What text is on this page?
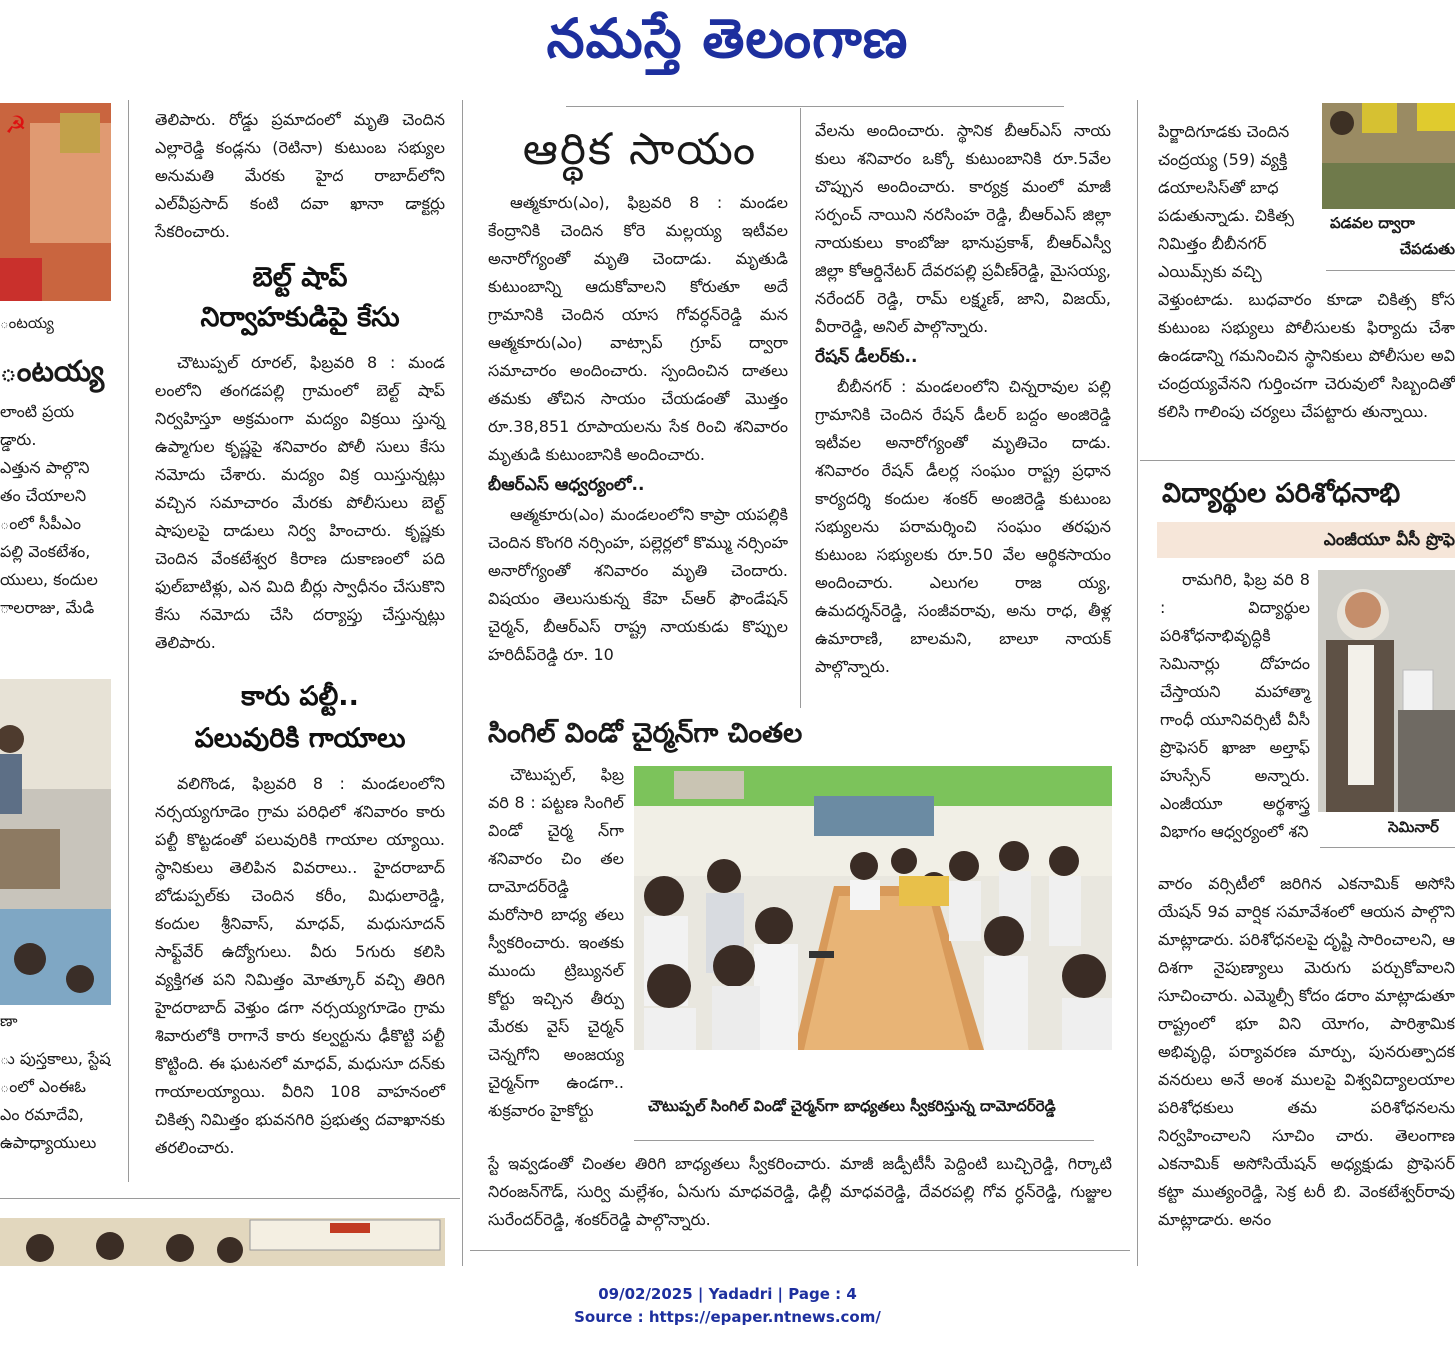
నమస్తే తెలంగాణ
☭
ంటయ్య
ంటయ్య
లాంటి ప్రయ
డ్డారు.
ఎత్తున పాల్గొని
తం చేయాలని
ంలో సీపీఎం
పల్లి వెంకటేశం,
యులు, కందుల
ాలరాజు, మేడి
ణా
ు పుస్తకాలు, స్టేష
ంలో ఎంఈఓ
ఎం రమాదేవి,
ఉపాధ్యాయులు

తెలిపారు. రోడ్డు ప్రమాదంలో మృతి చెందిన ఎల్లారెడ్డి కండ్లను (రెటినా) కుటుంబ సభ్యుల అనుమతి మేరకు హైద రాబాద్‌లోని ఎల్‌వీప్రసాద్ కంటి దవా ఖానా డాక్టర్లు సేకరించారు.

బెల్ట్ షాప్
నిర్వాహకుడిపై కేసు

చౌటుప్పల్ రూరల్, ఫిబ్రవరి 8 : మండ లంలోని తంగడపల్లి గ్రామంలో బెల్ట్ షాప్ నిర్వహిస్తూ అక్రమంగా మద్యం విక్రయి స్తున్న ఉప్మాగుల కృష్ణపై శనివారం పోలీ సులు కేసు నమోదు చేశారు. మద్యం విక్ర యిస్తున్నట్లు వచ్చిన సమాచారం మేరకు పోలీసులు బెల్ట్ షాపులపై దాడులు నిర్వ హించారు. కృష్ణకు చెందిన వేంకటేశ్వర కిరాణ దుకాణంలో పది ఫుల్‌బాటిళ్లు, ఎన మిది బీర్లు స్వాధీనం చేసుకొని కేసు నమోదు చేసి దర్యాప్తు చేస్తున్నట్లు తెలిపారు.

కారు పల్టీ..
పలువురికి గాయాలు

వలిగొండ, ఫిబ్రవరి 8 : మండలంలోని నర్సయ్యగూడెం గ్రామ పరిధిలో శనివారం కారు పల్టీ కొట్టడంతో పలువురికి గాయాల య్యాయి. స్థానికులు తెలిపిన వివరాలు.. హైదరాబాద్ బోడుప్పల్‌కు చెందిన కరీం, మిధులారెడ్డి, కందుల శ్రీనివాస్, మాధవ్, మధుసూదన్ సాఫ్ట్‌వేర్ ఉద్యోగులు. వీరు 5గురు కలిసి వ్యక్తిగత పని నిమిత్తం మోత్కూర్ వచ్చి తిరిగి హైదరాబాద్ వెళ్తుం డగా నర్సయ్యగూడెం గ్రామ శివారులోకి రాగానే కారు కల్వర్టును ఢీకొట్టి పల్టీ కొట్టింది. ఈ ఘటనలో మాధవ్, మధుసూ దన్‌కు గాయాలయ్యాయి. వీరిని 108 వాహనంలో చికిత్స నిమిత్తం భువనగిరి ప్రభుత్వ దవాఖానకు తరలించారు.

ఆర్థిక సాయం

ఆత్మకూరు(ఎం), ఫిబ్రవరి 8 : మండల కేంద్రానికి చెందిన కోరె మల్లయ్య ఇటీవల అనారోగ్యంతో మృతి చెందాడు. మృతుడి కుటుంబాన్ని ఆదుకోవాలని కోరుతూ అదే గ్రామానికి చెందిన యాస గోవర్ధన్‌రెడ్డి మన ఆత్మకూరు(ఎం) వాట్సాప్ గ్రూప్ ద్వారా సమాచారం అందించారు. స్పందించిన దాతలు తమకు తోచిన సాయం చేయడంతో మొత్తం రూ.38,851 రూపాయలను సేక రించి శనివారం మృతుడి కుటుంబానికి అందించారు.

బీఆర్‌ఎస్ ఆధ్వర్యంలో..

ఆత్మకూరు(ఎం) మండలంలోని కాప్రా యపల్లికి చెందిన కొంగరి నర్సింహ, పల్లెర్లలో కొమ్ము నర్సింహ అనారోగ్యంతో శనివారం మృతి చెందారు. విషయం తెలుసుకున్న కేహె చ్‌ఆర్ ఫౌండేషన్ చైర్మన్, బీఆర్‌ఎస్ రాష్ట్ర నాయకుడు కొప్పుల హరిదీప్‌రెడ్డి రూ. 10

వేలను అందించారు. స్థానిక బీఆర్‌ఎస్ నాయ కులు శనివారం ఒక్కో కుటుంబానికి రూ.5వేల చొప్పున అందించారు. కార్యక్ర మంలో మాజీ సర్పంచ్ నాయిని నరసింహ రెడ్డి, బీఆర్‌ఎస్ జిల్లా నాయకులు కాంబోజు భానుప్రకాశ్, బీఆర్‌ఎస్వీ జిల్లా కోఆర్డినేటర్ దేవరపల్లి ప్రవీణ్‌రెడ్డి, మైసయ్య, నరేందర్ రెడ్డి, రామ్ లక్ష్మణ్, జాని, విజయ్, వీరారెడ్డి, అనిల్ పాల్గొన్నారు.

రేషన్ డీలర్‌కు..

బీబీనగర్ : మండలంలోని చిన్నరావుల పల్లి గ్రామానికి చెందిన రేషన్ డీలర్ బద్దం అంజిరెడ్డి ఇటీవల అనారోగ్యంతో మృతిచెం దాడు. శనివారం రేషన్ డీలర్ల సంఘం రాష్ట్ర ప్రధాన కార్యదర్శి కందుల శంకర్ అంజిరెడ్డి కుటుంబ సభ్యులను పరామర్శించి సంఘం తరఫున కుటుంబ సభ్యులకు రూ.50 వేల ఆర్థికసాయం అందించారు. ఎలుగల రాజ య్య, ఉమదర్శన్‌రెడ్డి, సంజీవరావు, అను రాధ, తీళ్ల ఉమారాణి, బాలమని, బాలూ నాయక్ పాల్గొన్నారు.

సింగిల్ విండో చైర్మన్‌గా చింతల

చౌటుప్పల్, ఫిబ్ర వరి 8 : పట్టణ సింగిల్ విండో చైర్మ న్‌గా శనివారం చిం తల దామోదర్‌రెడ్డి మరోసారి బాధ్య తలు స్వీకరించారు. ఇంతకు ముందు ట్రిబ్యునల్ కోర్టు ఇచ్చిన తీర్పు మేరకు వైస్ చైర్మన్ చెన్నగోని అంజయ్య చైర్మన్‌గా ఉండగా.. శుక్రవారం హైకోర్టు	చౌటుప్పల్ సింగిల్ విండో చైర్మన్‌గా బాధ్యతలు స్వీకరిస్తున్న దామోదర్‌రెడ్డి

స్టే ఇవ్వడంతో చింతల తిరిగి బాధ్యతలు స్వీకరించారు. మాజీ జడ్పీటీసీ పెద్దింటి బుచ్చిరెడ్డి, గిర్కాటి నిరంజన్‌గౌడ్, సుర్వి మల్లేశం, ఏనుగు మాధవరెడ్డి, ఢిల్లీ మాధవరెడ్డి, దేవరపల్లి గోవ ర్ధన్‌రెడ్డి, గుజ్జుల సురేందర్‌రెడ్డి, శంకర్‌రెడ్డి పాల్గొన్నారు.

పిర్జాదిగూడకు చెందిన
చంద్రయ్య (59) వ్యక్తి
డయాలసిస్‌తో బాధ
పడుతున్నాడు. చికిత్స
నిమిత్తం బీబీనగర్
ఎయిమ్స్‌కు వచ్చి
పడవల ద్వారా
చేపడుతు

వెళ్తుంటాడు. బుధవారం కూడా చికిత్స కోస కుటుంబ సభ్యులు పోలీసులకు ఫిర్యాదు చేశా ఉండడాన్ని గమనించిన స్థానికులు పోలీసుల అవి చంద్రయ్యవేనని గుర్తించగా చెరువులో సిబ్బందితో కలిసి గాలింపు చర్యలు చేపట్టారు తున్నాయి.

విద్యార్థుల పరిశోధనాభి
ఎంజీయూ వీసీ ప్రొఫె

రామగిరి, ఫిబ్ర వరి 8 : విద్యార్థుల పరిశోధనాభివృద్ధికి సెమినార్లు దోహదం చేస్తాయని మహాత్మా గాంధీ యూనివర్సిటీ వీసీ ప్రొఫెసర్ ఖాజా అల్తాఫ్ హుస్సేన్ అన్నారు. ఎంజీయూ అర్థశాస్త్ర విభాగం ఆధ్వర్యంలో శని	సెమినార్

వారం వర్సిటీలో జరిగిన ఎకనామిక్ అసోసి యేషన్ 9వ వార్షిక సమావేశంలో ఆయన పాల్గొని మాట్లాడారు. పరిశోధనలపై దృష్టి సారించాలని, ఆ దిశగా నైపుణ్యాలు మెరుగు పర్చుకోవాలని సూచించారు. ఎమ్మెల్సీ కోదం డరాం మాట్లాడుతూ రాష్ట్రంలో భూ విని యోగం, పారిశ్రామిక అభివృద్ధి, పర్యావరణ మార్పు, పునరుత్పాదక వనరులు అనే అంశ ములపై విశ్వవిద్యాలయాల పరిశోధకులు తమ పరిశోధనలను నిర్వహించాలని సూచిం చారు. తెలంగాణ ఎకనామిక్ అసోసియేషన్ అధ్యక్షుడు ప్రొఫెసర్ కట్టా ముత్యంరెడ్డి, సెక్ర టరీ బి. వెంకటేశ్వర్‌రావు మాట్లాడారు. అనం

09/02/2025 | Yadadri | Page : 4
Source : https://epaper.ntnews.com/
